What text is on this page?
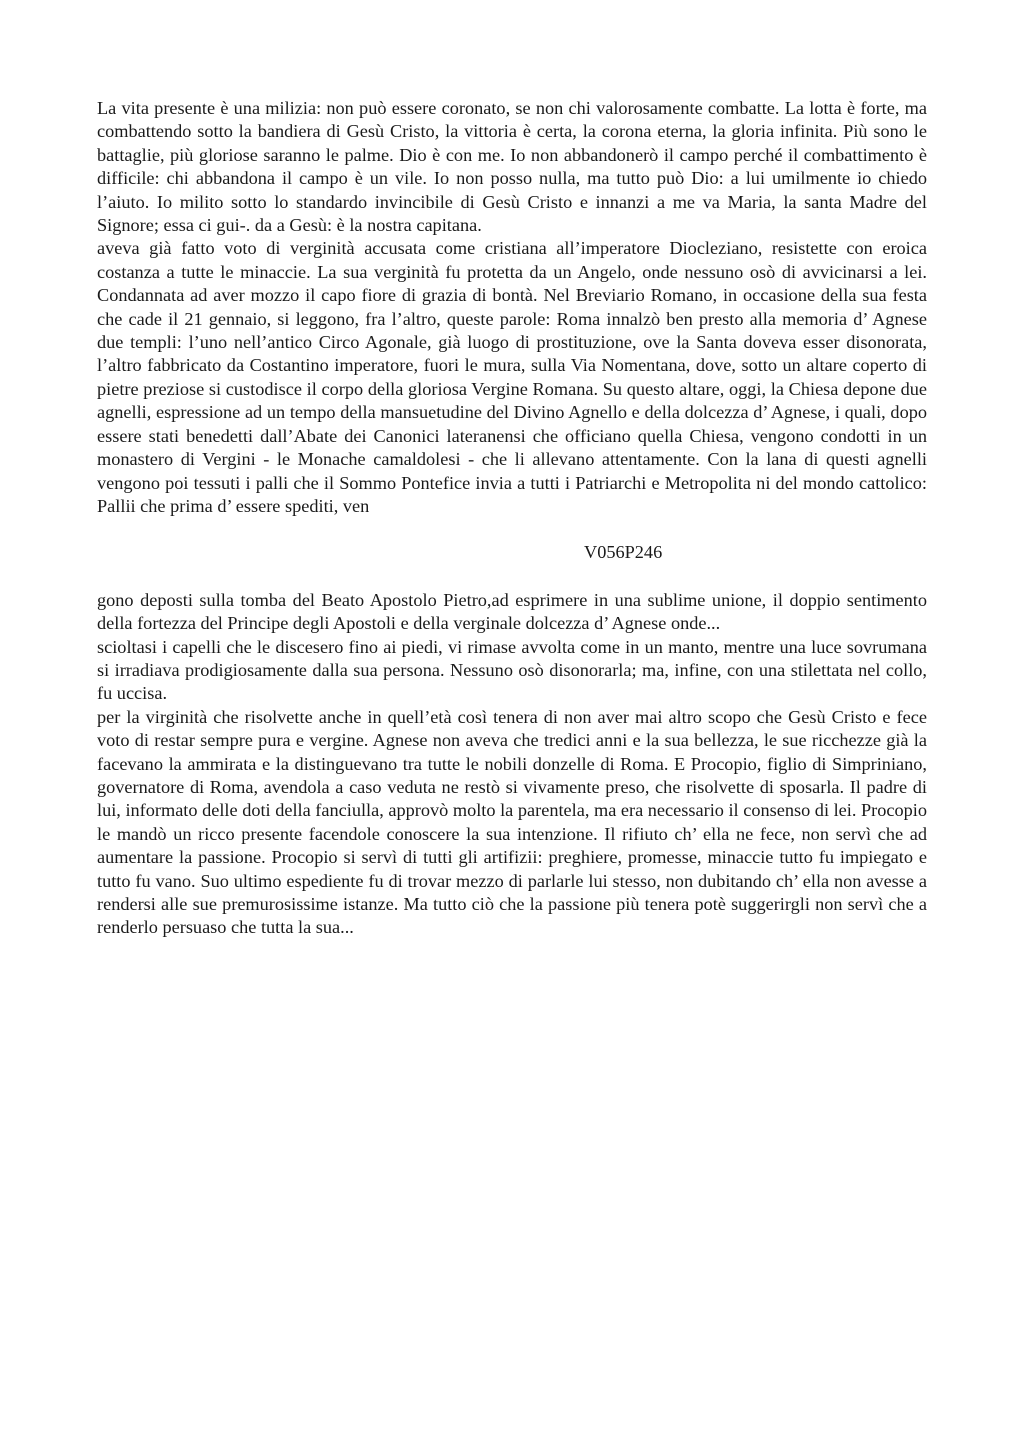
La vita presente è una milizia: non può essere coronato, se non chi valorosamente combatte. La lotta è forte, ma combattendo sotto la bandiera di Gesù Cristo, la vittoria è certa, la corona eterna, la gloria infinita. Più sono le battaglie, più gloriose saranno le palme. Dio è con me. Io non abbandonerò il campo perché il combattimento è difficile: chi abbandona il campo è un vile. Io non posso nulla, ma tutto può Dio: a lui umilmente io chiedo l’aiuto. Io milito sotto lo standardo invincibile di Gesù Cristo e innanzi a me va Maria, la santa Madre del Signore; essa ci gui-. da a Gesù: è la nostra capitana.

aveva già fatto voto di verginità accusata come cristiana all’imperatore Diocleziano, resistette con eroica costanza a tutte le minaccie. La sua verginità fu protetta da un Angelo, onde nessuno osò di avvicinarsi a lei. Condannata ad aver mozzo il capo fiore di grazia di bontà. Nel Breviario Romano, in occasione della sua festa che cade il 21 gennaio, si leggono, fra l’altro, queste parole: Roma innalzò ben presto alla memoria d’ Agnese due templi: l’uno nell’antico Circo Agonale, già luogo di prostituzione, ove la Santa doveva esser disonorata, l’altro fabbricato da Costantino imperatore, fuori le mura, sulla Via Nomentana, dove, sotto un altare coperto di pietre preziose si custodisce il corpo della gloriosa Vergine Romana. Su questo altare, oggi, la Chiesa depone due agnelli, espressione ad un tempo della mansuetudine del Divino Agnello e della dolcezza d’ Agnese, i quali, dopo essere stati benedetti dall’Abate dei Canonici lateranensi che officiano quella Chiesa, vengono condotti in un monastero di Vergini - le Monache camaldolesi - che li allevano attentamente. Con la lana di questi agnelli vengono poi tessuti i palli che il Sommo Pontefice invia a tutti i Patriarchi e Metropolita ni del mondo cattolico: Pallii che prima d’ essere spediti, ven

V056P246

gono deposti sulla tomba del Beato Apostolo Pietro,ad esprimere in una sublime unione, il doppio sentimento della fortezza del Principe degli Apostoli e della verginale dolcezza d’ Agnese onde...

scioltasi i capelli che le discesero fino ai piedi, vi rimase avvolta come in un manto, mentre una luce sovrumana si irradiava prodigiosamente dalla sua persona. Nessuno osò disonorarla; ma, infine, con una stilettata nel collo, fu uccisa.

per la virginità che risolvette anche in quell’età così tenera di non aver mai altro scopo che Gesù Cristo e fece voto di restar sempre pura e vergine. Agnese non aveva che tredici anni e la sua bellezza, le sue ricchezze già la facevano la ammirata e la distinguevano tra tutte le nobili donzelle di Roma. E Procopio, figlio di Simpriniano, governatore di Roma, avendola a caso veduta ne restò si vivamente preso, che risolvette di sposarla. Il padre di lui, informato delle doti della fanciulla, approvò molto la parentela, ma era necessario il consenso di lei. Procopio le mandò un ricco presente facendole conoscere la sua intenzione. Il rifiuto ch’ ella ne fece, non servì che ad aumentare la passione. Procopio si servì di tutti gli artifizii: preghiere, promesse, minaccie tutto fu impiegato e tutto fu vano. Suo ultimo espediente fu di trovar mezzo di parlarle lui stesso, non dubitando ch’ ella non avesse a rendersi alle sue premurosissime istanze. Ma tutto ciò che la passione più tenera potè suggerirgli non servì che a renderlo persuaso che tutta la sua...
